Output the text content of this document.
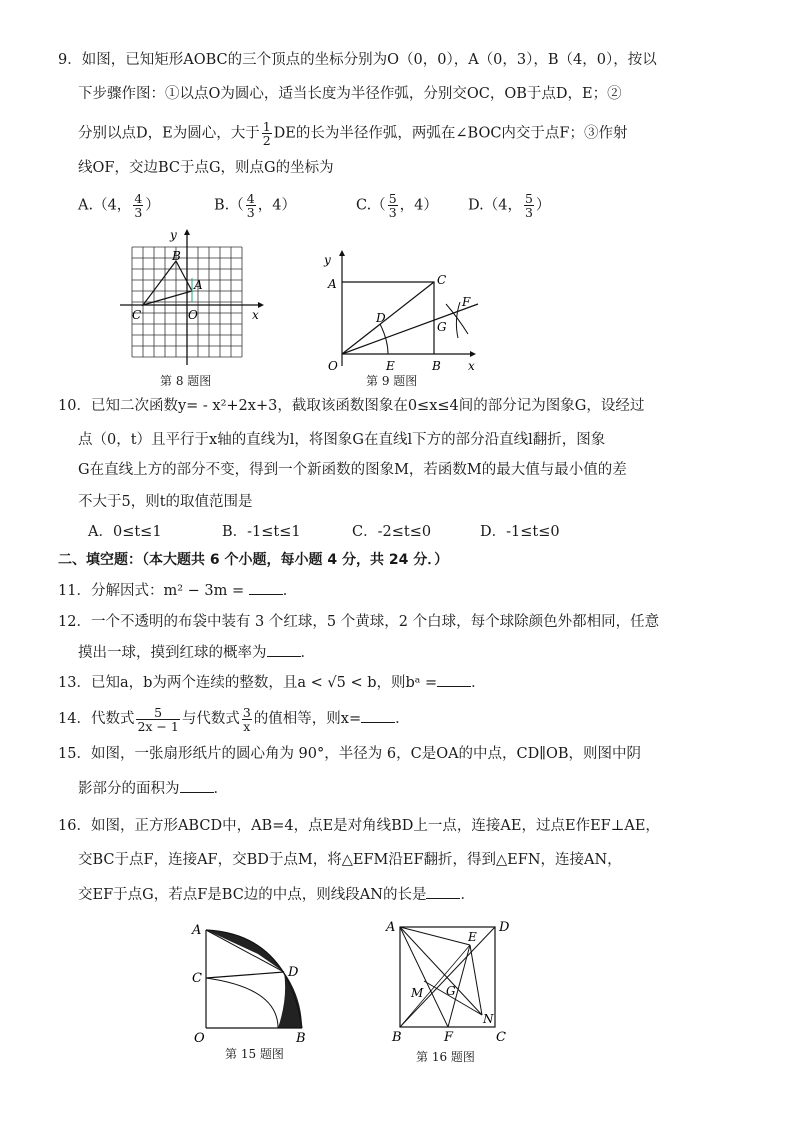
9．如图，已知矩形AOBC的三个顶点的坐标分别为O（0，0），A（0，3），B（4，0），按以
下步骤作图：①以点O为圆心，适当长度为半径作弧，分别交OC，OB于点D，E；②
分别以点D，E为圆心，大于 $\frac{1}{2}$ DE的长为半径作弧，两弧在∠BOC内交于点F；③作射
线OF，交边BC于点G，则点G的坐标为
A.（4， $\frac{4}{3}$ ）	$B.( \frac{4}{3}$ ，4）	$C.( \frac{5}{3}$ ，4） D.（4， $\frac{5}{3}$ ）
y
x
B
A
C	O
第 8 题图
y
x
A	C
F
D
G
O	E	B
第 9 题图
10．已知二次函数y= - x²+2x+3，截取该函数图象在0≤x≤4间的部分记为图象G，设经过
点（0，t）且平行于x轴的直线为l，将图象G在直线l下方的部分沿直线l翻折，图象
G在直线上方的部分不变，得到一个新函数的图象M，若函数M的最大值与最小值的差
不大于5，则t的取值范围是
A．0≤t≤1	B．-1≤t≤1	C．-2≤t≤0	D．-1≤t≤0
二、填空题：（本大题共 6 个小题，每小题 4 分，共 24 分．）
11．分解因式：m² − 3m =	．
12．一个不透明的布袋中装有 3 个红球，5 个黄球，2 个白球，每个球除颜色外都相同，任意
摸出一球，摸到红球的概率为 ．
13．已知a，b为两个连续的整数，且a < √5 < b，则bᵃ = ．
14．代数式 $\frac{5}{2x - 1}$ 与代数式 $\frac{3}{x}$ 的值相等，则x= ．
15．如图，一张扇形纸片的圆心角为 90°，半径为 6，C是OA的中点，CD∥OB，则图中阴
影部分的面积为 ．
16．如图，正方形ABCD中，AB=4，点E是对角线BD上一点，连接AE，过点E作EF⊥AE，
交BC于点F，连接AF，交BD于点M，将△EFM沿EF翻折，得到△EFN，连接AN，
交EF于点G，若点F是BC边的中点，则线段AN的长是 ．
A
C	D
O	B
第 15 题图
A	D
E
M G
N
B	F	C
第 16 题图
